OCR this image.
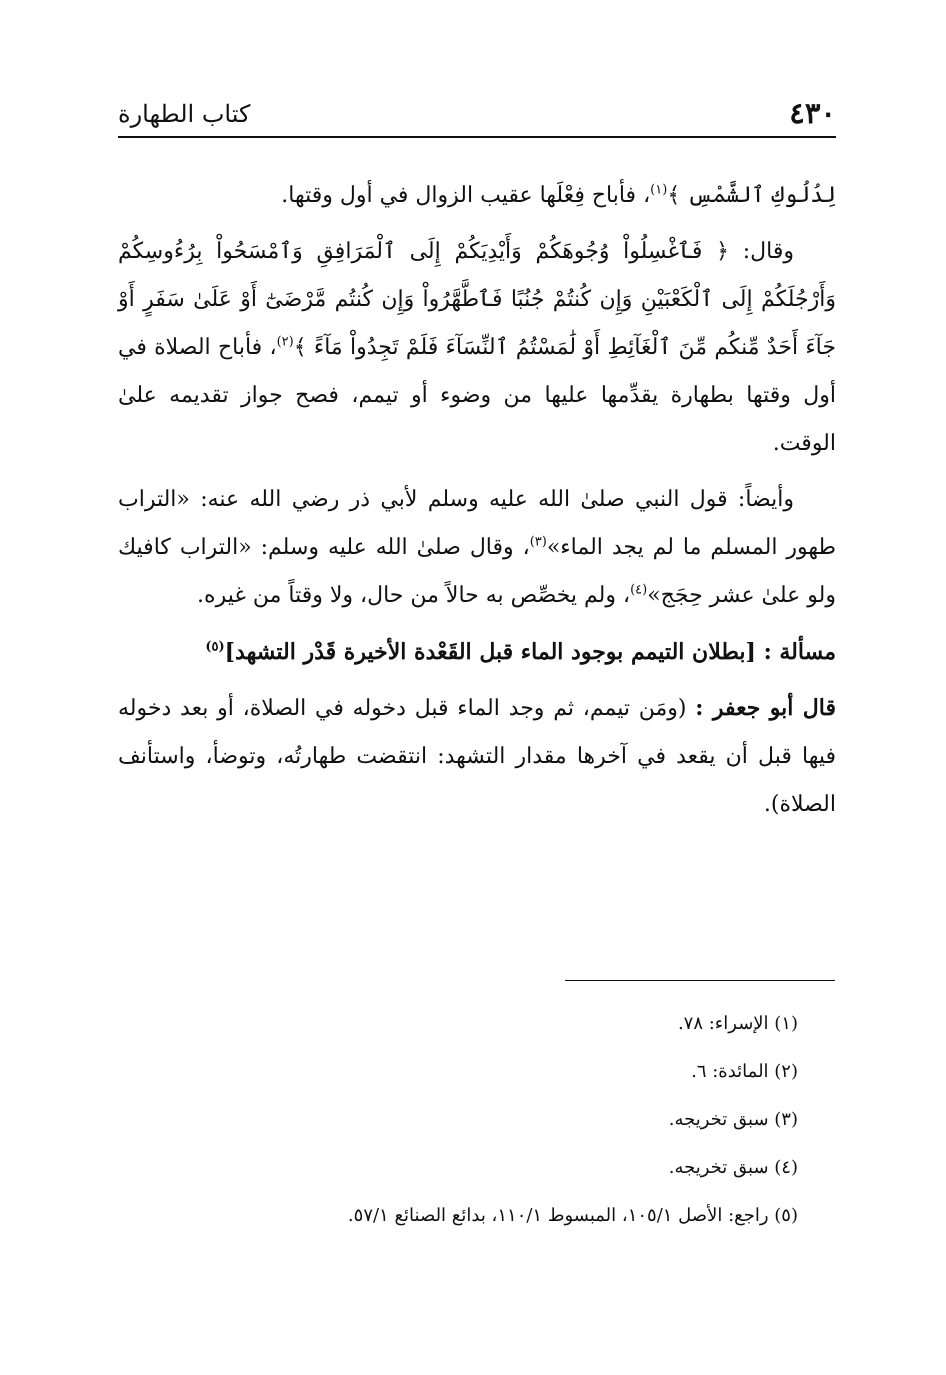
٤٣٠
كتاب الطهارة

لِدُلُوكِ ٱلشَّمْسِ ﴾$^{(١)}$، فأباح فِعْلَها عقيب الزوال في أول وقتها.

وقال: ﴿ فَٱغْسِلُواْ وُجُوهَكُمْ وَأَيْدِيَكُمْ إِلَى ٱلْمَرَافِقِ وَٱمْسَحُواْ بِرُءُوسِكُمْ وَأَرْجُلَكُمْ إِلَى ٱلْكَعْبَيْنِ وَإِن كُنتُمْ جُنُبًا فَٱطَّهَّرُواْ وَإِن كُنتُم مَّرْضَىٰٓ أَوْ عَلَىٰ سَفَرٍ أَوْ جَآءَ أَحَدٌ مِّنكُم مِّنَ ٱلْغَآئِطِ أَوْ لَٰمَسْتُمُ ٱلنِّسَآءَ فَلَمْ تَجِدُواْ مَآءً ﴾$^{(٢)}$، فأباح الصلاة في أول وقتها بطهارة يقدِّمها عليها من وضوء أو تيمم، فصح جواز تقديمه علىٰ الوقت.

وأيضاً: قول النبي صلىٰ الله عليه وسلم لأبي ذر رضي الله عنه: «التراب طهور المسلم ما لم يجد الماء»$^{(٣)}$، وقال صلىٰ الله عليه وسلم: «التراب كافيك ولو علىٰ عشر حِجَج»$^{(٤)}$، ولم يخصِّص به حالاً من حال، ولا وقتاً من غيره.

مسألة : [بطلان التيمم بوجود الماء قبل القَعْدة الأخيرة قَدْر التشهد]$^{(٥)}$

قال أبو جعفر : (ومَن تيمم، ثم وجد الماء قبل دخوله في الصلاة، أو بعد دخوله فيها قبل أن يقعد في آخرها مقدار التشهد: انتقضت طهارتُه، وتوضأ، واستأنف الصلاة).

(١) الإسراء: ٧٨.
(٢) المائدة: ٦.
(٣) سبق تخريجه.
(٤) سبق تخريجه.
(٥) راجع: الأصل ١٠٥/١، المبسوط ١١٠/١، بدائع الصنائع ٥٧/١.
